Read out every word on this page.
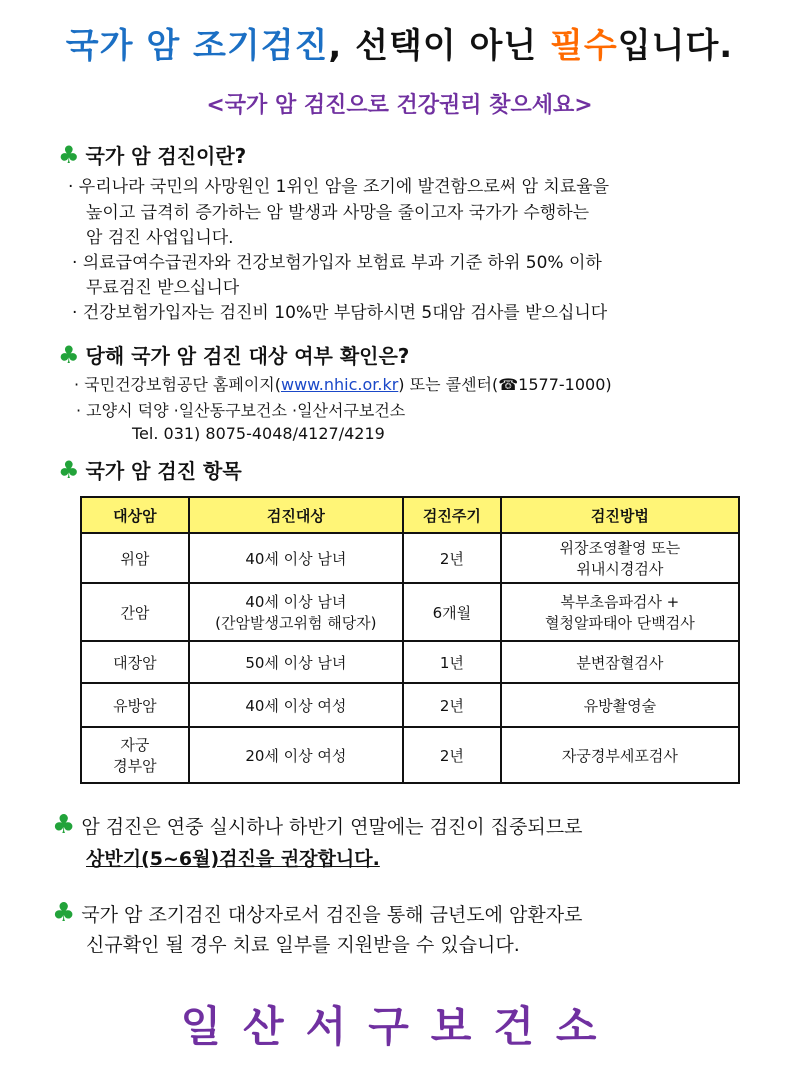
국가 암 조기검진, 선택이 아닌 필수입니다.
<국가 암 검진으로 건강권리 찾으세요>
♣ 국가 암 검진이란?
· 우리나라 국민의 사망원인 1위인 암을 조기에 발견함으로써 암 치료율을
높이고 급격히 증가하는 암 발생과 사망을 줄이고자 국가가 수행하는
암 검진 사업입니다.
· 의료급여수급권자와 건강보험가입자 보험료 부과 기준 하위 50% 이하
무료검진 받으십니다
· 건강보험가입자는 검진비 10%만 부담하시면 5대암 검사를 받으십니다
♣ 당해 국가 암 검진 대상 여부 확인은?
· 국민건강보험공단 홈페이지(www.nhic.or.kr) 또는 콜센터(☎1577-1000)
· 고양시 덕양 ·일산동구보건소 ·일산서구보건소
Tel. 031) 8075-4048/4127/4219
♣ 국가 암 검진 항목
대상암	검진대상	검진주기	검진방법
위암	40세 이상 남녀	2년	위장조영촬영 또는
위내시경검사
간암	40세 이상 남녀
(간암발생고위험 해당자)	6개월	복부초음파검사 +
혈청알파태아 단백검사
대장암	50세 이상 남녀	1년	분변잠혈검사
유방암	40세 이상 여성	2년	유방촬영술
자궁
경부암	20세 이상 여성	2년	자궁경부세포검사
♣ 암 검진은 연중 실시하나 하반기 연말에는 검진이 집중되므로
상반기(5~6월)검진을 권장합니다.
♣ 국가 암 조기검진 대상자로서 검진을 통해 금년도에 암환자로
신규확인 될 경우 치료 일부를 지원받을 수 있습니다.
일산서구보건소
